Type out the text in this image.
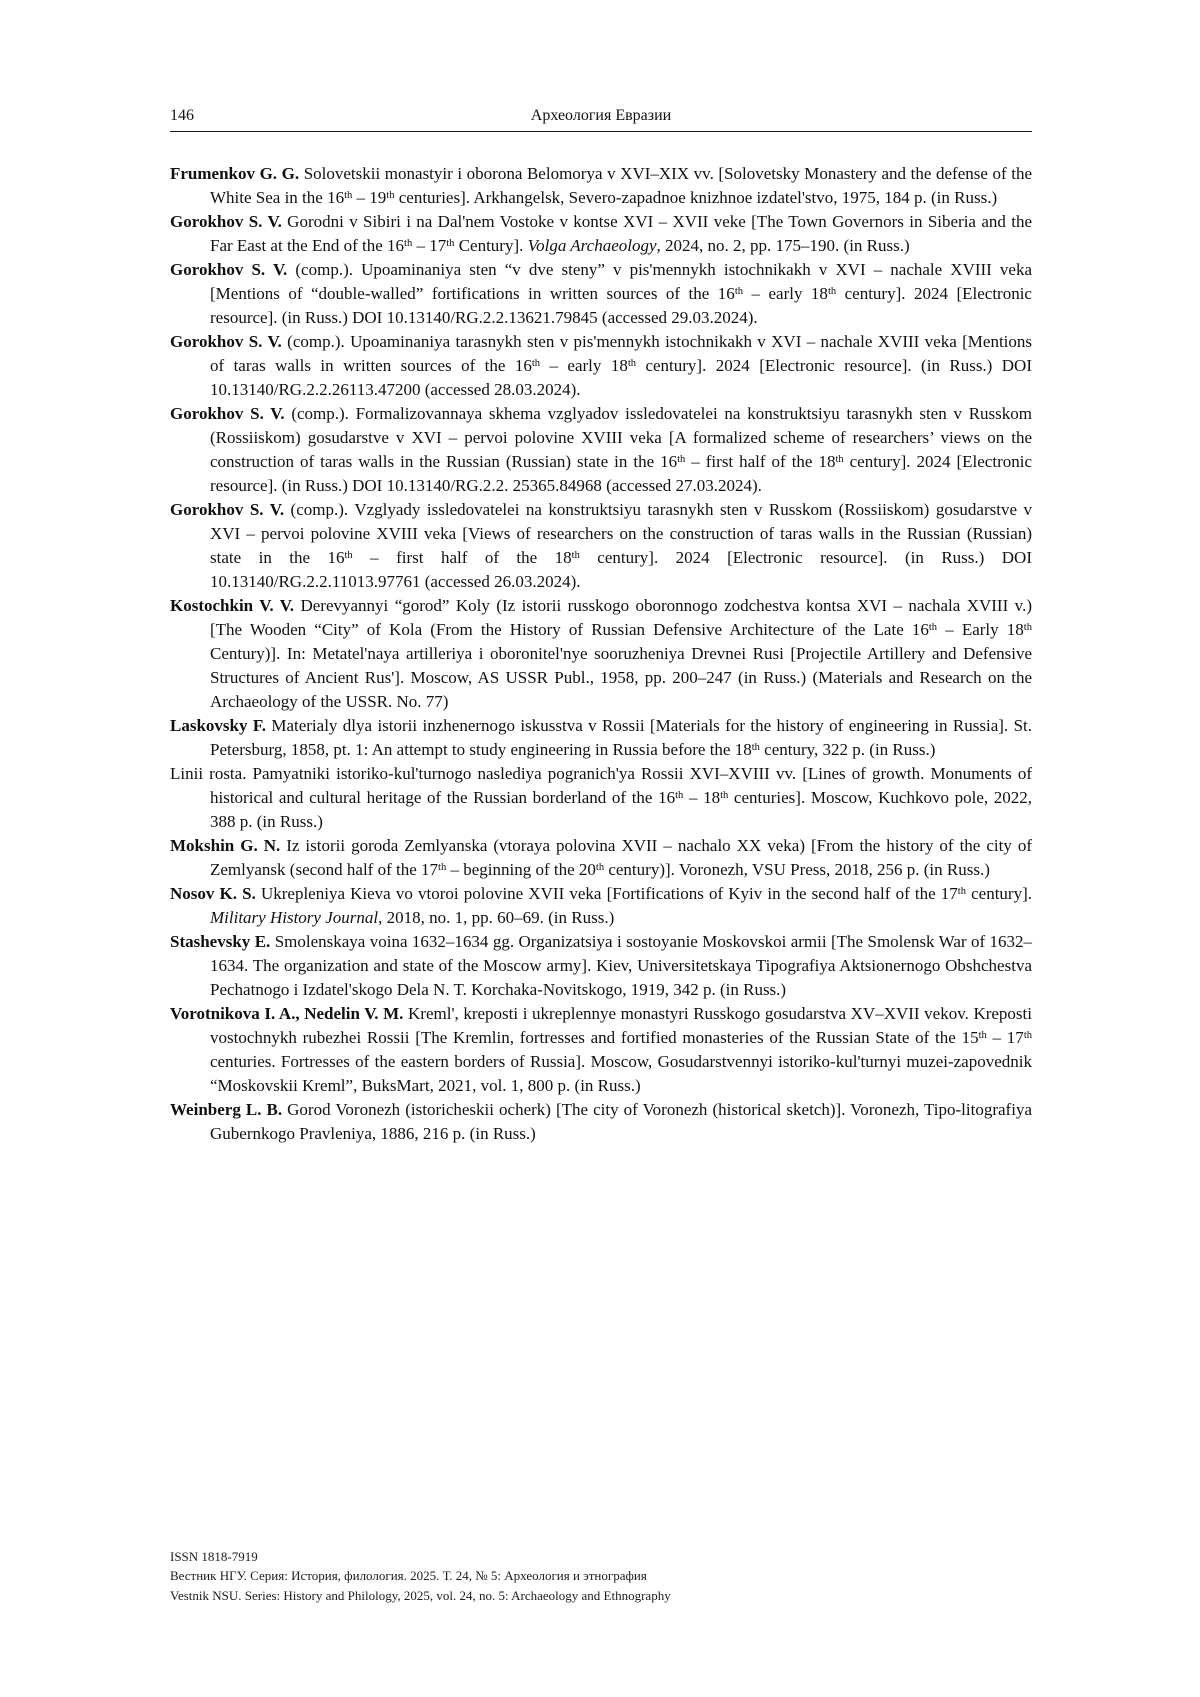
146	Археология Евразии

Frumenkov G. G. Solovetskii monastyir i oborona Belomorya v XVI–XIX vv. [Solovetsky Monastery and the defense of the White Sea in the 16th – 19th centuries]. Arkhangelsk, Severo-zapadnoe knizhnoe izdatel'stvo, 1975, 184 p. (in Russ.)

Gorokhov S. V. Gorodni v Sibiri i na Dal'nem Vostoke v kontse XVI – XVII veke [The Town Governors in Siberia and the Far East at the End of the 16th – 17th Century]. Volga Archaeology, 2024, no. 2, pp. 175–190. (in Russ.)

Gorokhov S. V. (comp.). Upoaminaniya sten “v dve steny” v pis'mennykh istochnikakh v XVI – nachale XVIII veka [Mentions of “double-walled” fortifications in written sources of the 16th – early 18th century]. 2024 [Electronic resource]. (in Russ.) DOI 10.13140/RG.2.2.13621.79845 (accessed 29.03.2024).

Gorokhov S. V. (comp.). Upoaminaniya tarasnykh sten v pis'mennykh istochnikakh v XVI – nachale XVIII veka [Mentions of taras walls in written sources of the 16th – early 18th century]. 2024 [Electronic resource]. (in Russ.) DOI 10.13140/RG.2.2.26113.47200 (accessed 28.03.2024).

Gorokhov S. V. (comp.). Formalizovannaya skhema vzglyadov issledovatelei na konstruktsiyu tarasnykh sten v Russkom (Rossiiskom) gosudarstve v XVI – pervoi polovine XVIII veka [A formalized scheme of researchers’ views on the construction of taras walls in the Russian (Russian) state in the 16th – first half of the 18th century]. 2024 [Electronic resource]. (in Russ.) DOI 10.13140/RG.2.2. 25365.84968 (accessed 27.03.2024).

Gorokhov S. V. (comp.). Vzglyady issledovatelei na konstruktsiyu tarasnykh sten v Russkom (Rossiiskom) gosudarstve v XVI – pervoi polovine XVIII veka [Views of researchers on the construction of taras walls in the Russian (Russian) state in the 16th – first half of the 18th century]. 2024 [Electronic resource]. (in Russ.) DOI 10.13140/RG.2.2.11013.97761 (accessed 26.03.2024).

Kostochkin V. V. Derevyannyi “gorod” Koly (Iz istorii russkogo oboronnogo zodchestva kontsa XVI – nachala XVIII v.) [The Wooden “City” of Kola (From the History of Russian Defensive Architecture of the Late 16th – Early 18th Century)]. In: Metatel'naya artilleriya i oboronitel'nye sooruzheniya Drevnei Rusi [Projectile Artillery and Defensive Structures of Ancient Rus']. Moscow, AS USSR Publ., 1958, pp. 200–247 (in Russ.) (Materials and Research on the Archaeology of the USSR. No. 77)

Laskovsky F. Materialy dlya istorii inzhenernogo iskusstva v Rossii [Materials for the history of engineering in Russia]. St. Petersburg, 1858, pt. 1: An attempt to study engineering in Russia before the 18th century, 322 p. (in Russ.)

Linii rosta. Pamyatniki istoriko-kul'turnogo naslediya pogranich'ya Rossii XVI–XVIII vv. [Lines of growth. Monuments of historical and cultural heritage of the Russian borderland of the 16th – 18th centuries]. Moscow, Kuchkovo pole, 2022, 388 p. (in Russ.)

Mokshin G. N. Iz istorii goroda Zemlyanska (vtoraya polovina XVII – nachalo XX veka) [From the history of the city of Zemlyansk (second half of the 17th – beginning of the 20th century)]. Voronezh, VSU Press, 2018, 256 p. (in Russ.)

Nosov K. S. Ukrepleniya Kieva vo vtoroi polovine XVII veka [Fortifications of Kyiv in the second half of the 17th century]. Military History Journal, 2018, no. 1, pp. 60–69. (in Russ.)

Stashevsky E. Smolenskaya voina 1632–1634 gg. Organizatsiya i sostoyanie Moskovskoi armii [The Smolensk War of 1632–1634. The organization and state of the Moscow army]. Kiev, Universitetskaya Tipografiya Aktsionernogo Obshchestva Pechatnogo i Izdatel'skogo Dela N. T. Korchaka-Novitskogo, 1919, 342 p. (in Russ.)

Vorotnikova I. A., Nedelin V. M. Kreml', kreposti i ukreplennye monastyri Russkogo gosudarstva XV–XVII vekov. Kreposti vostochnykh rubezhei Rossii [The Kremlin, fortresses and fortified monasteries of the Russian State of the 15th – 17th centuries. Fortresses of the eastern borders of Russia]. Moscow, Gosudarstvennyi istoriko-kul'turnyi muzei-zapovednik “Moskovskii Kreml”, BuksMart, 2021, vol. 1, 800 p. (in Russ.)

Weinberg L. B. Gorod Voronezh (istoricheskii ocherk) [The city of Voronezh (historical sketch)]. Voronezh, Tipo-litografiya Gubernkogo Pravleniya, 1886, 216 p. (in Russ.)

ISSN 1818-7919
Вестник НГУ. Серия: История, филология. 2025. Т. 24, № 5: Археология и этнография
Vestnik NSU. Series: History and Philology, 2025, vol. 24, no. 5: Archaeology and Ethnography
